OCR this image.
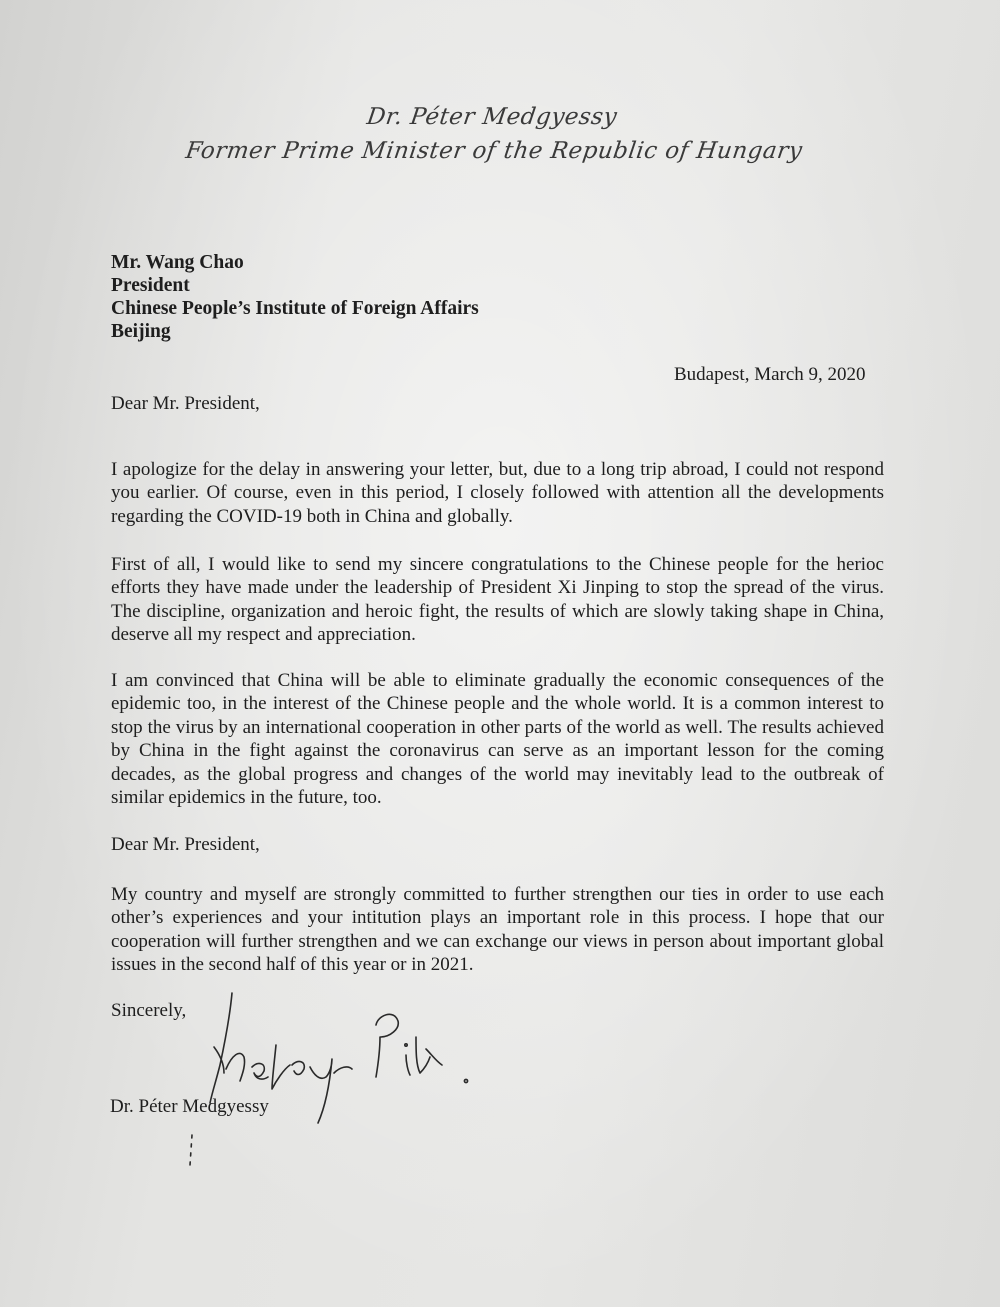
Dr. Péter Medgyessy
Former Prime Minister of the Republic of Hungary
Mr. Wang Chao
President
Chinese People’s Institute of Foreign Affairs
Beijing
Budapest, March 9, 2020
Dear Mr. President,
I apologize for the delay in answering your letter, but, due to a long trip abroad, I could not respond you earlier. Of course, even in this period, I closely followed with attention all the developments regarding the COVID-19 both in China and globally.
First of all, I would like to send my sincere congratulations to the Chinese people for the herioc efforts they have made under the leadership of President Xi Jinping to stop the spread of the virus. The discipline, organization and heroic fight, the results of which are slowly taking shape in China, deserve all my respect and appreciation.
I am convinced that China will be able to eliminate gradually the economic consequences of the epidemic too, in the interest of the Chinese people and the whole world. It is a common interest to stop the virus by an international cooperation in other parts of the world as well. The results achieved by China in the fight against the coronavirus can serve as an important lesson for the coming decades, as the global progress and changes of the world may inevitably lead to the outbreak of similar epidemics in the future, too.
Dear Mr. President,
My country and myself are strongly committed to further strengthen our ties in order to use each other’s experiences and your intitution plays an important role in this process. I hope that our cooperation will further strengthen and we can exchange our views in person about important global issues in the second half of this year or in 2021.
Sincerely,
Dr. Péter Medgyessy
